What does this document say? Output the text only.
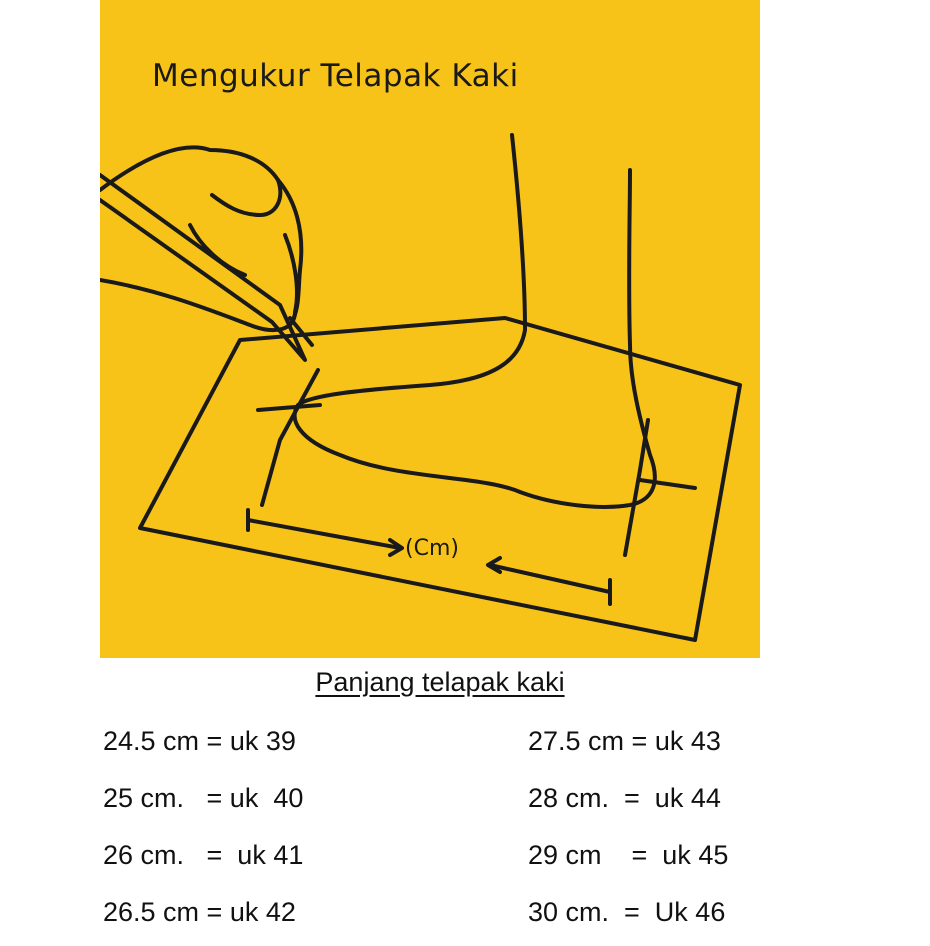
Mengukur Telapak Kaki
(Cm)
Panjang telapak kaki
24.5 cm = uk 39
25 cm.   = uk  40
26 cm.   =  uk 41
26.5 cm = uk 42
27.5 cm = uk 43
28 cm.  =  uk 44
29 cm    =  uk 45
30 cm.  =  Uk 46
